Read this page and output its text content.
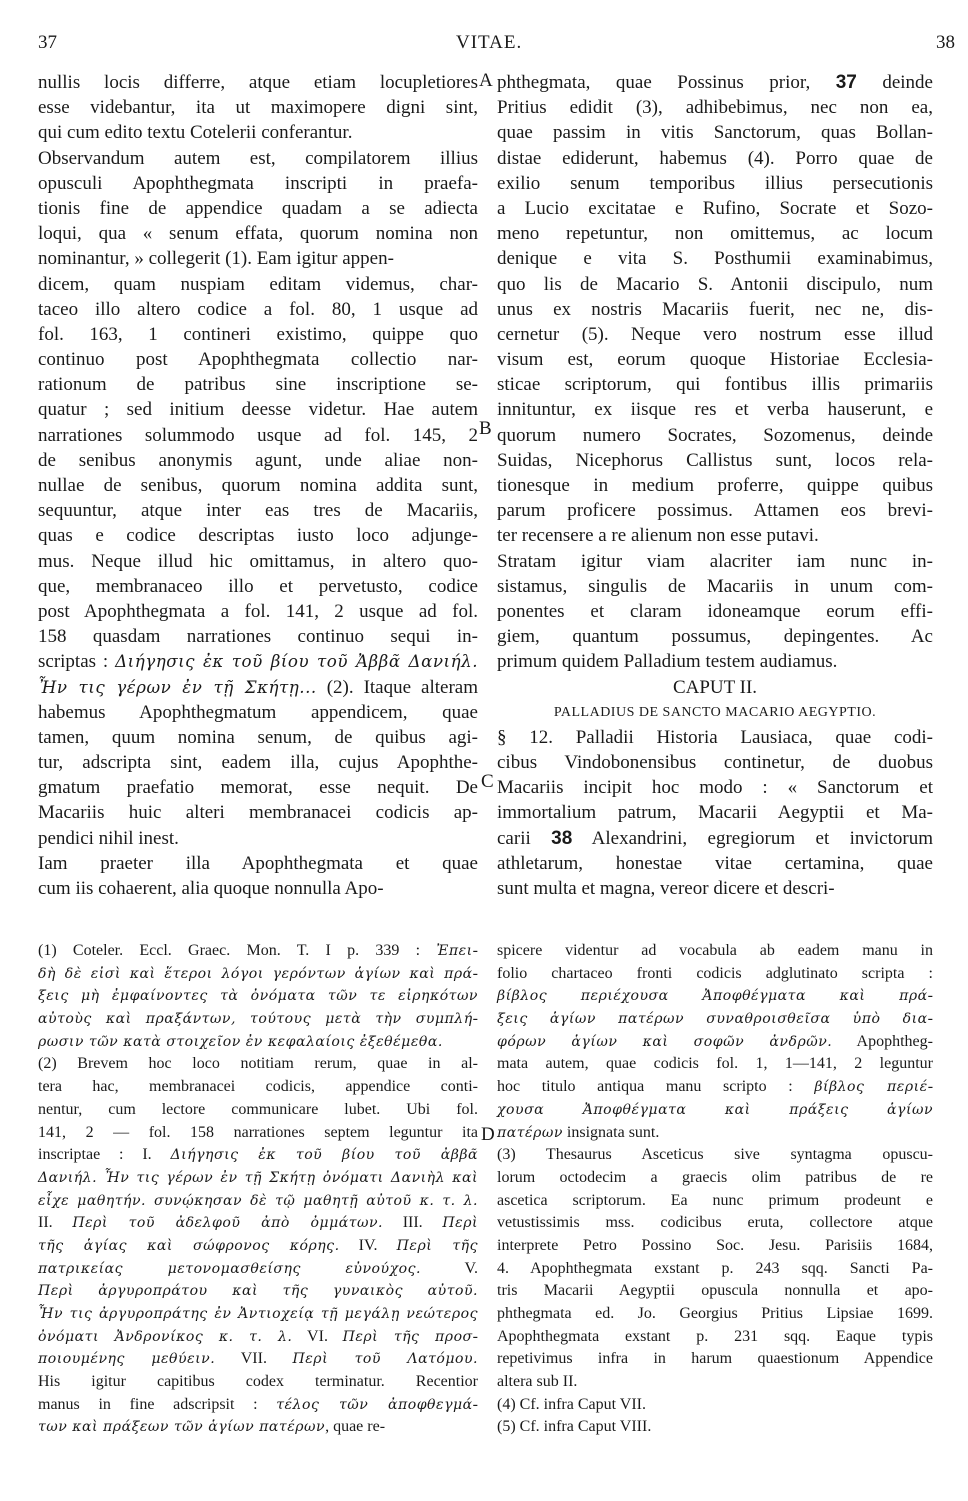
37	VITAE.	38
A
B
C
D
nullis locis differre, atque etiam locupletiores
esse videbantur, ita ut maximopere digni sint,
qui cum edito textu Cotelerii conferantur.
Observandum autem est, compilatorem illius
opusculi Apophthegmata inscripti in praefa-
tionis fine de appendice quadam a se adiecta
loqui, qua « senum effata, quorum nomina non
nominantur, » collegerit (1). Eam igitur appen-
dicem, quam nuspiam editam videmus, char-
taceo illo altero codice a fol. 80, 1 usque ad
fol. 163, 1 contineri existimo, quippe quo
continuo post Apophthegmata collectio nar-
rationum de patribus sine inscriptione se-
quatur ; sed initium deesse videtur. Hae autem
narrationes solummodo usque ad fol. 145, 2
de senibus anonymis agunt, unde aliae non-
nullae de senibus, quorum nomina addita sunt,
sequuntur, atque inter eas tres de Macariis,
quas e codice descriptas iusto loco adjunge-
mus. Neque illud hic omittamus, in altero quo-
que, membranaceo illo et pervetusto, codice
post Apophthegmata a fol. 141, 2 usque ad fol.
158 quasdam narrationes continuo sequi in-
scriptas : Διήγησις ἐκ τοῦ βίου τοῦ Ἀββᾶ Δανιήλ.
Ἦν τις γέρων ἐν τῇ Σκήτῃ... (2). Itaque alteram
habemus Apophthegmatum appendicem, quae
tamen, quum nomina senum, de quibus agi-
tur, adscripta sint, eadem illa, cujus Apophthe-
gmatum praefatio memorat, esse nequit. De
Macariis huic alteri membranacei codicis ap-
pendici nihil inest.
Iam praeter illa Apophthegmata et quae
cum iis cohaerent, alia quoque nonnulla Apo-
phthegmata, quae Possinus prior, 37 deinde
Pritius edidit (3), adhibebimus, nec non ea,
quae passim in vitis Sanctorum, quas Bollan-
distae ediderunt, habemus (4). Porro quae de
exilio senum temporibus illius persecutionis
a Lucio excitatae e Rufino, Socrate et Sozo-
meno repetuntur, non omittemus, ac locum
denique e vita S. Posthumii examinabimus,
quo lis de Macario S. Antonii discipulo, num
unus ex nostris Macariis fuerit, nec ne, dis-
cernetur (5). Neque vero nostrum esse illud
visum est, eorum quoque Historiae Ecclesia-
sticae scriptorum, qui fontibus illis primariis
innituntur, ex iisque res et verba hauserunt, e
quorum numero Socrates, Sozomenus, deinde
Suidas, Nicephorus Callistus sunt, locos rela-
tionesque in medium proferre, quippe quibus
parum proficere possimus. Attamen eos brevi-
ter recensere a re alienum non esse putavi.
Stratam igitur viam alacriter iam nunc in-
sistamus, singulis de Macariis in unum com-
ponentes et claram idoneamque eorum effi-
giem, quantum possumus, depingentes. Ac
primum quidem Palladium testem audiamus.
CAPUT II.
PALLADIUS DE SANCTO MACARIO AEGYPTIO.
§ 12. Palladii Historia Lausiaca, quae codi-
cibus Vindobonensibus continetur, de duobus
Macariis incipit hoc modo : « Sanctorum et
immortalium patrum, Macarii Aegyptii et Ma-
carii 38 Alexandrini, egregiorum et invictorum
athletarum, honestae vitae certamina, quae
sunt multa et magna, vereor dicere et descri-
(1) Coteler. Eccl. Graec. Mon. T. I p. 339 : Ἐπει-
δὴ δὲ εἰσὶ καὶ ἕτεροι λόγοι γερόντων ἁγίων καὶ πρά-
ξεις μὴ ἐμφαίνοντες τὰ ὀνόματα τῶν τε εἰρηκότων
αὐτοὺς καὶ πραξάντων, τούτους μετὰ τὴν συμπλή-
ρωσιν τῶν κατὰ στοιχεῖον ἐν κεφαλαίοις ἐξεθέμεθα.
(2) Brevem hoc loco notitiam rerum, quae in al-
tera hac, membranacei codicis, appendice conti-
nentur, cum lectore communicare lubet. Ubi fol.
141, 2 — fol. 158 narrationes septem leguntur ita
inscriptae : I. Διήγησις ἐκ τοῦ βίου τοῦ ἀββᾶ
Δανιήλ. Ἦν τις γέρων ἐν τῇ Σκήτῃ ὀνόματι Δανιὴλ καὶ
εἶχε μαθητήν. συνῴκησαν δὲ τῷ μαθητῇ αὐτοῦ κ. τ. λ.
II. Περὶ τοῦ ἀδελφοῦ ἀπὸ ὀμμάτων. III. Περὶ
τῆς ἁγίας καὶ σώφρονος κόρης. IV. Περὶ τῆς
πατρικείας μετονομασθείσης εὐνούχος. V.
Περὶ ἀργυροπράτου καὶ τῆς γυναικὸς αὐτοῦ.
Ἦν τις ἀργυροπράτης ἐν Ἀντιοχείᾳ τῇ μεγάλῃ νεώτερος
ὀνόματι Ἀνδρονίκος κ. τ. λ. VI. Περὶ τῆς προσ-
ποιουμένης μεθύειν. VII. Περὶ τοῦ Λατόμου.
His igitur capitibus codex terminatur. Recentior
manus in fine adscripsit : τέλος τῶν ἀποφθεγμά-
των καὶ πράξεων τῶν ἁγίων πατέρων, quae re-
spicere videntur ad vocabula ab eadem manu in
folio chartaceo fronti codicis adglutinato scripta :
βίβλος περιέχουσα Ἀποφθέγματα καὶ πρά-
ξεις ἁγίων πατέρων συναθροισθεῖσα ὑπὸ δια-
φόρων ἁγίων καὶ σοφῶν ἀνδρῶν. Apophtheg-
mata autem, quae codicis fol. 1, 1—141, 2 leguntur
hoc titulo antiqua manu scripto : βίβλος περιέ-
χουσα Ἀποφθέγματα καὶ πράξεις ἁγίων
πατέρων insignata sunt.
(3) Thesaurus Asceticus sive syntagma opuscu-
lorum octodecim a graecis olim patribus de re
ascetica scriptorum. Ea nunc primum prodeunt e
vetustissimis mss. codicibus eruta, collectore atque
interprete Petro Possino Soc. Jesu. Parisiis 1684,
4. Apophthegmata exstant p. 243 sqq. Sancti Pa-
tris Macarii Aegyptii opuscula nonnulla et apo-
phthegmata ed. Jo. Georgius Pritius Lipsiae 1699.
Apophthegmata exstant p. 231 sqq. Eaque typis
repetivimus infra in harum quaestionum Appendice
altera sub II.
(4) Cf. infra Caput VII.
(5) Cf. infra Caput VIII.
